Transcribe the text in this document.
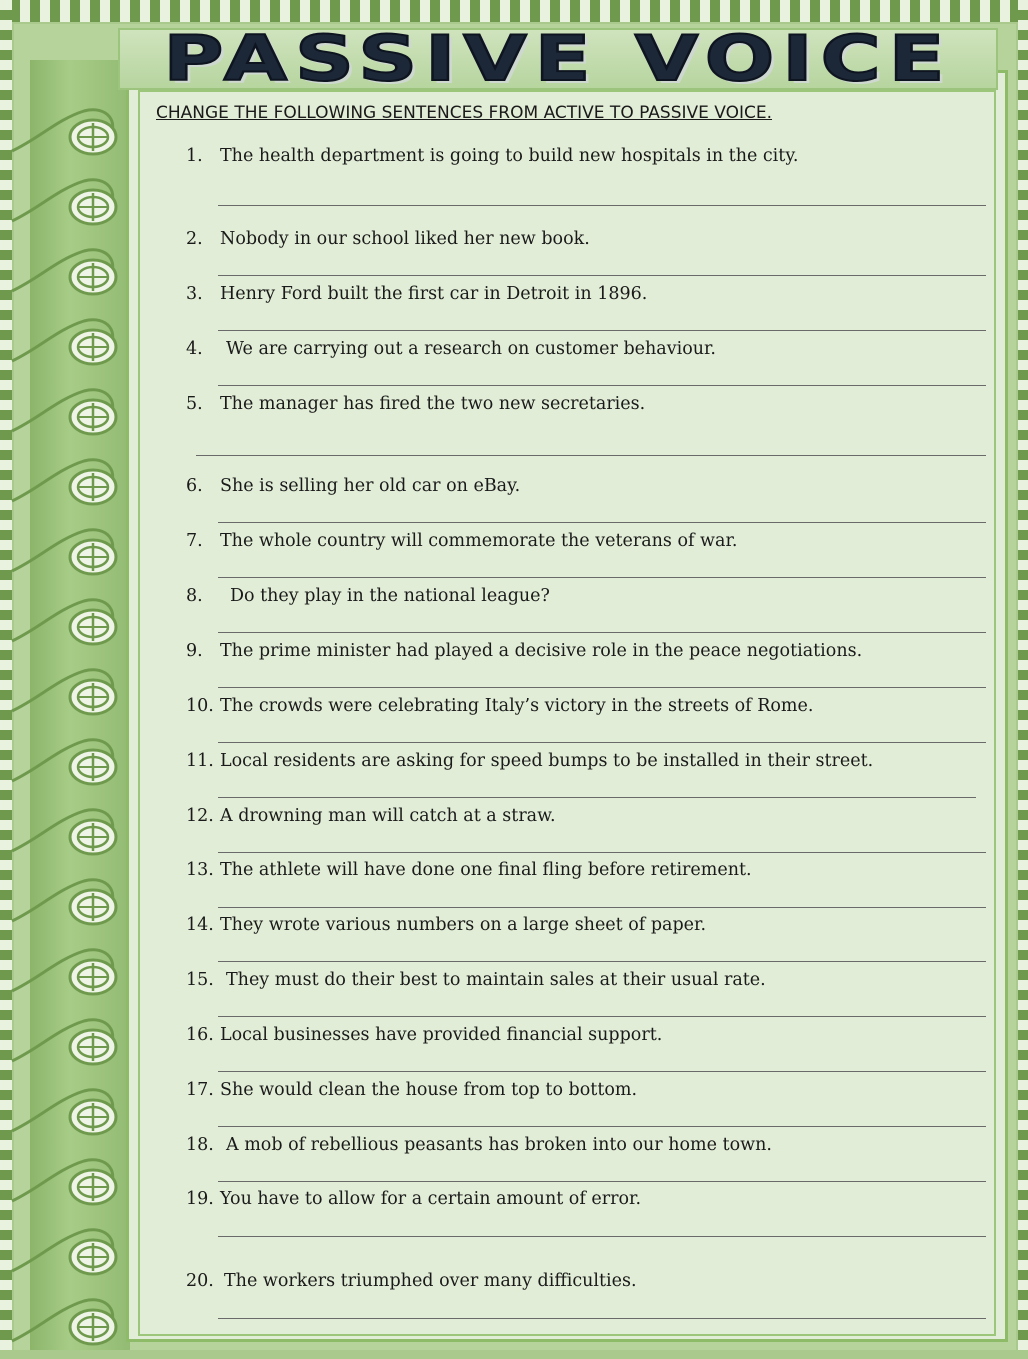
PASSIVE VOICE
CHANGE THE FOLLOWING SENTENCES FROM ACTIVE TO PASSIVE VOICE.
1. The health department is going to build new hospitals in the city.
2. Nobody in our school liked her new book.
3. Henry Ford built the first car in Detroit in 1896.
4. We are carrying out a research on customer behaviour.
5. The manager has fired the two new secretaries.
6. She is selling her old car on eBay.
7. The whole country will commemorate the veterans of war.
8. Do they play in the national league?
9. The prime minister had played a decisive role in the peace negotiations.
10. The crowds were celebrating Italy’s victory in the streets of Rome.
11. Local residents are asking for speed bumps to be installed in their street.
12. A drowning man will catch at a straw.
13. The athlete will have done one final fling before retirement.
14. They wrote various numbers on a large sheet of paper.
15. They must do their best to maintain sales at their usual rate.
16. Local businesses have provided financial support.
17. She would clean the house from top to bottom.
18. A mob of rebellious peasants has broken into our home town.
19. You have to allow for a certain amount of error.
20. The workers triumphed over many difficulties.
